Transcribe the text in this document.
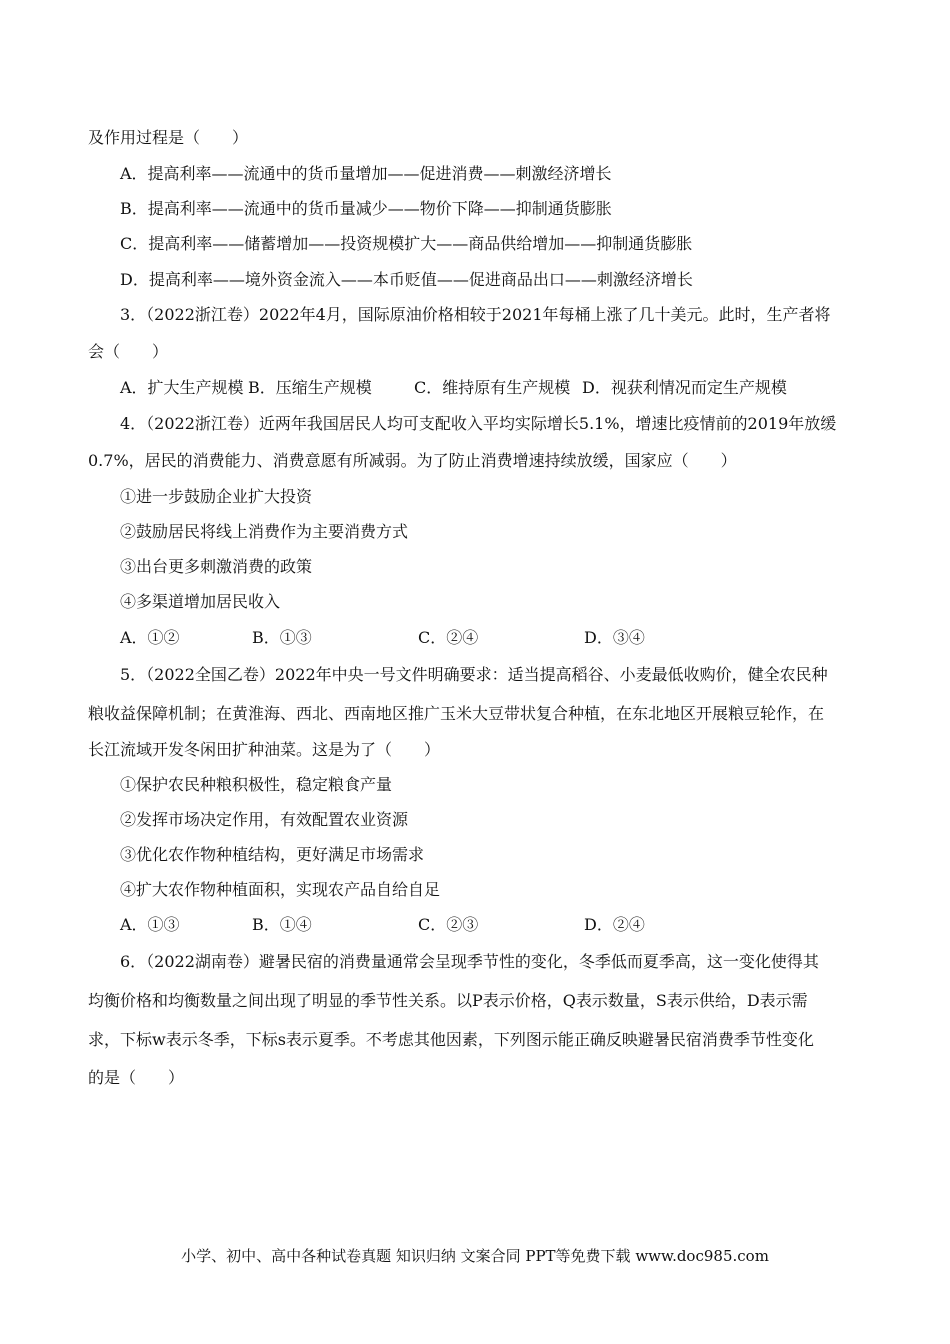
及作用过程是（　　）
A．提高利率——流通中的货币量增加——促进消费——刺激经济增长
B．提高利率——流通中的货币量减少——物价下降——抑制通货膨胀
C．提高利率——储蓄增加——投资规模扩大——商品供给增加——抑制通货膨胀
D．提高利率——境外资金流入——本币贬值——促进商品出口——刺激经济增长
3．（2022浙江卷）2022年4月，国际原油价格相较于2021年每桶上涨了几十美元。此时，生产者将
会（　　）
A．扩大生产规模 B．压缩生产规模	C．维持原有生产规模 D．视获利情况而定生产规模
4．（2022浙江卷）近两年我国居民人均可支配收入平均实际增长5.1%，增速比疫情前的2019年放缓
0.7%，居民的消费能力、消费意愿有所减弱。为了防止消费增速持续放缓，国家应（　　）
①进一步鼓励企业扩大投资
②鼓励居民将线上消费作为主要消费方式
③出台更多刺激消费的政策
④多渠道增加居民收入
A．①②	B．①③	C．②④	D．③④
5．（2022全国乙卷）2022年中央一号文件明确要求：适当提高稻谷、小麦最低收购价，健全农民种
粮收益保障机制；在黄淮海、西北、西南地区推广玉米大豆带状复合种植，在东北地区开展粮豆轮作，在
长江流域开发冬闲田扩种油菜。这是为了（　　）
①保护农民种粮积极性，稳定粮食产量
②发挥市场决定作用，有效配置农业资源
③优化农作物种植结构，更好满足市场需求
④扩大农作物种植面积，实现农产品自给自足
A．①③	B．①④	C．②③	D．②④
6．（2022湖南卷）避暑民宿的消费量通常会呈现季节性的变化，冬季低而夏季高，这一变化使得其
均衡价格和均衡数量之间出现了明显的季节性关系。以P表示价格，Q表示数量，S表示供给，D表示需
求，下标w表示冬季，下标s表示夏季。不考虑其他因素，下列图示能正确反映避暑民宿消费季节性变化
的是（　　）
小学、初中、高中各种试卷真题 知识归纳 文案合同 PPT等免费下载 www.doc985.com
